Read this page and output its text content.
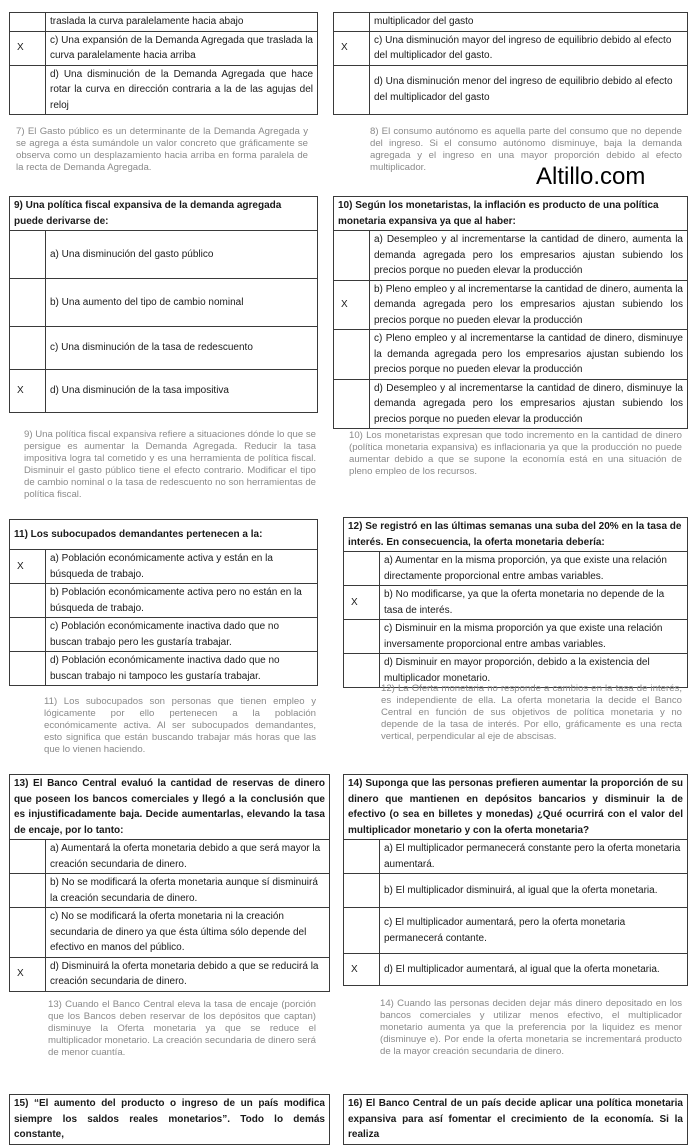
Altillo.com
	traslada la curva paralelamente hacia abajo
X	c) Una expansión de la Demanda Agregada que traslada la curva paralelamente hacia arriba
	d) Una disminución de la Demanda Agregada que hace rotar la curva en dirección contraria a la de las agujas del reloj

7) El Gasto público es un determinante de la Demanda Agregada y se agrega a ésta sumándole un valor concreto que gráficamente se observa como un desplazamiento hacia arriba en forma paralela de la recta de Demanda Agregada.

	multiplicador del gasto
X	c) Una disminución mayor del ingreso de equilibrio debido al efecto del multiplicador del gasto.
	d) Una disminución menor del ingreso de equilibrio debido al efecto del multiplicador del gasto

8) El consumo autónomo es aquella parte del consumo que no depende del ingreso. Si el consumo autónomo disminuye, baja la demanda agregada y el ingreso en una mayor proporción debido al efecto multiplicador.

9) Una política fiscal expansiva de la demanda agregada puede derivarse de:	
	a) Una disminución del gasto público
	b) Una aumento del tipo de cambio nominal
	c) Una disminución de la tasa de redescuento
X	d) Una disminución de la tasa impositiva

9) Una política fiscal expansiva refiere a situaciones dónde lo que se persigue es aumentar la Demanda Agregada. Reducir la tasa impositiva logra tal cometido y es una herramienta de política fiscal. Disminuir el gasto público tiene el efecto contrario. Modificar el tipo de cambio nominal o la tasa de redescuento no son herramientas de política fiscal.

10) Según los monetaristas, la inflación es producto de una política monetaria expansiva ya que al haber:	
	a) Desempleo y al incrementarse la cantidad de dinero, aumenta la demanda agregada pero los empresarios ajustan subiendo los precios porque no pueden elevar la producción
X	b) Pleno empleo y al incrementarse la cantidad de dinero, aumenta la demanda agregada pero los empresarios ajustan subiendo los precios porque no pueden elevar la producción
	c) Pleno empleo y al incrementarse la cantidad de dinero, disminuye la demanda agregada pero los empresarios ajustan subiendo los precios porque no pueden elevar la producción
	d) Desempleo y al incrementarse la cantidad de dinero, disminuye la demanda agregada pero los empresarios ajustan subiendo los precios porque no pueden elevar la producción

10) Los monetaristas expresan que todo incremento en la cantidad de dinero (política monetaria expansiva) es inflacionaria ya que la producción no puede aumentar debido a que se supone la economía está en una situación de pleno empleo de los recursos.

11) Los subocupados demandantes pertenecen a la:	
X	a) Población económicamente activa y están en la búsqueda de trabajo.
	b) Población económicamente activa pero no están en la búsqueda de trabajo.
	c) Población económicamente inactiva dado que no buscan trabajo pero les gustaría trabajar.
	d) Población económicamente inactiva dado que no buscan trabajo ni tampoco les gustaría trabajar.

11) Los subocupados son personas que tienen empleo y lógicamente por ello pertenecen a la población económicamente activa. Al ser subocupados demandantes, esto significa que están buscando trabajar más horas que las que lo vienen haciendo.

12) Se registró en las últimas semanas una suba del 20% en la tasa de interés. En consecuencia, la oferta monetaria debería:	
	a) Aumentar en la misma proporción, ya que existe una relación directamente proporcional entre ambas variables.
X	b) No modificarse, ya que la oferta monetaria no depende de la tasa de interés.
	c) Disminuir en la misma proporción ya que existe una relación inversamente proporcional entre ambas variables.
	d) Disminuir en mayor proporción, debido a la existencia del multiplicador monetario.

12) La Oferta monetaria no responde a cambios en la tasa de interés, es independiente de ella. La oferta monetaria la decide el Banco Central en función de sus objetivos de política monetaria y no depende de la tasa de interés. Por ello, gráficamente es una recta vertical, perpendicular al eje de abscisas.

13) El Banco Central evaluó la cantidad de reservas de dinero que poseen los bancos comerciales y llegó a la conclusión que es injustificadamente baja. Decide aumentarlas, elevando la tasa de encaje, por lo tanto:	
	a) Aumentará la oferta monetaria debido a que será mayor la creación secundaria de dinero.
	b) No se modificará la oferta monetaria aunque sí disminuirá la creación secundaria de dinero.
	c) No se modificará la oferta monetaria ni la creación secundaria de dinero ya que ésta última sólo depende del efectivo en manos del público.
X	d) Disminuirá la oferta monetaria debido a que se reducirá la creación secundaria de dinero.

13) Cuando el Banco Central eleva la tasa de encaje (porción que los Bancos deben reservar de los depósitos que captan) disminuye la Oferta monetaria ya que se reduce el multiplicador monetario. La creación secundaria de dinero será de menor cuantía.

14) Suponga que las personas prefieren aumentar la proporción de su dinero que mantienen en depósitos bancarios y disminuir la de efectivo (o sea en billetes y monedas) ¿Qué ocurrirá con el valor del multiplicador monetario y con la oferta monetaria?	
	a) El multiplicador permanecerá constante pero la oferta monetaria aumentará.
	b) El multiplicador disminuirá, al igual que la oferta monetaria.
	c) El multiplicador aumentará, pero la oferta monetaria permanecerá contante.
X	d) El multiplicador aumentará, al igual que la oferta monetaria.

14) Cuando las personas deciden dejar más dinero depositado en los bancos comerciales y utilizar menos efectivo, el multiplicador monetario aumenta ya que la preferencia por la liquidez es menor (disminuye e). Por ende la oferta monetaria se incrementará producto de la mayor creación secundaria de dinero.

15) “El aumento del producto o ingreso de un país modifica siempre los saldos reales monetarios”. Todo lo demás constante,
16) El Banco Central de un país decide aplicar una política monetaria expansiva para así fomentar el crecimiento de la economía. Si la realiza
